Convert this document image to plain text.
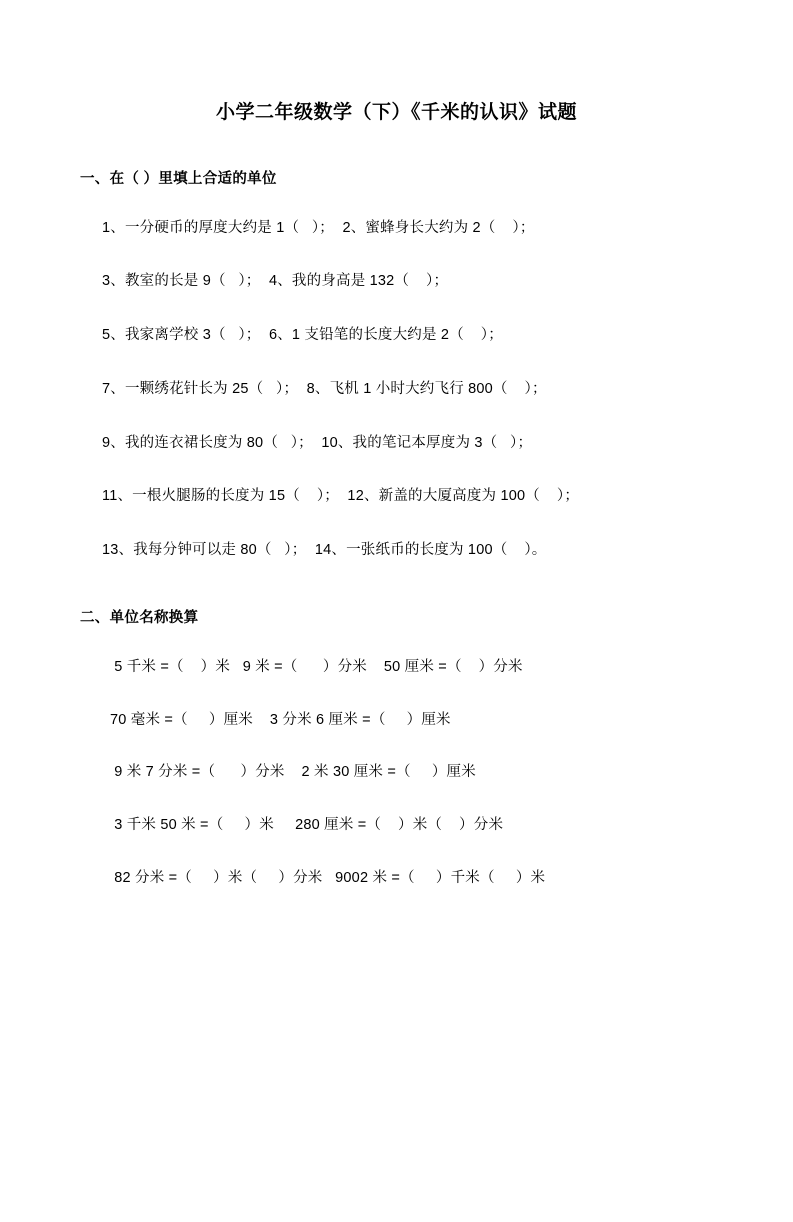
小学二年级数学（下）《千米的认识》试题
一、在（ ）里填上合适的单位
1、一分硬币的厚度大约是 1（   ）；  2、蜜蜂身长大约为 2（    ）；
3、教室的长是 9（   ）；  4、我的身高是 132（    ）；
5、我家离学校 3（   ）；  6、1 支铅笔的长度大约是 2（    ）；
7、一颗绣花针长为 25（   ）；  8、飞机 1 小时大约飞行 800（    ）；
9、我的连衣裙长度为 80（   ）；  10、我的笔记本厚度为 3（   ）；
11、一根火腿肠的长度为 15（    ）；  12、新盖的大厦高度为 100（    ）；
13、我每分钟可以走 80（   ）；  14、一张纸币的长度为 100（    ）。
二、单位名称换算
5 千米 =（    ）米   9 米 =（      ）分米    50 厘米 =（    ）分米
70 毫米 =（     ）厘米    3 分米 6 厘米 =（     ）厘米
9 米 7 分米 =（      ）分米    2 米 30 厘米 =（     ）厘米
3 千米 50 米 =（     ）米     280 厘米 =（    ）米（    ）分米
82 分米 =（     ）米（     ）分米   9002 米 =（     ）千米（     ）米
